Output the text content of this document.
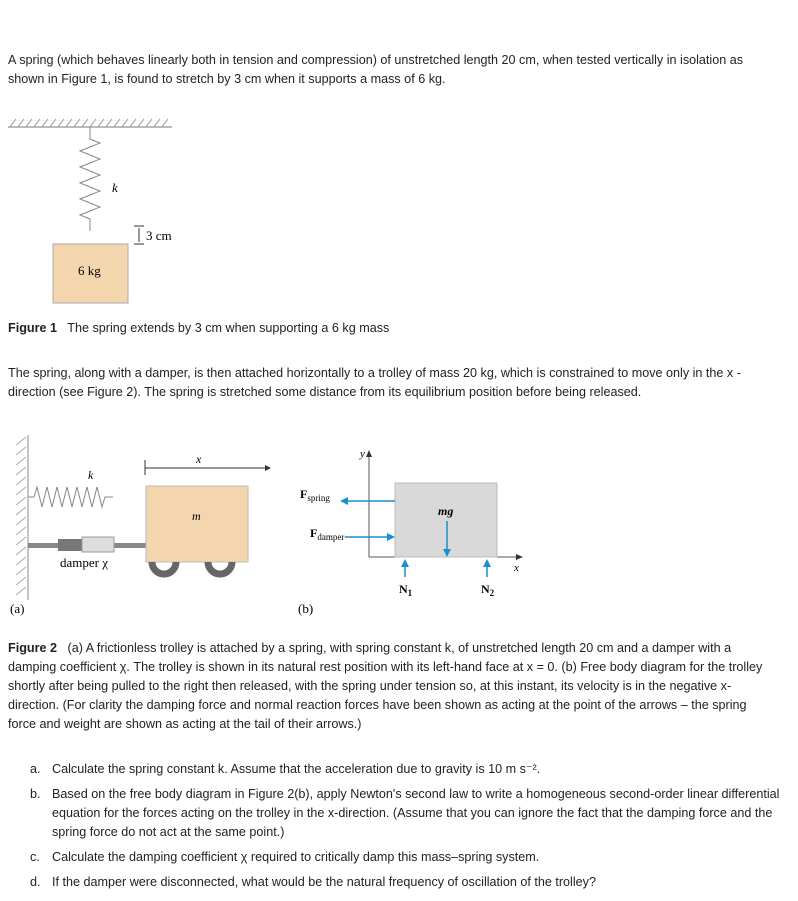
A spring (which behaves linearly both in tension and compression) of unstretched length 20 cm, when tested vertically in isolation as shown in Figure 1, is found to stretch by 3 cm when it supports a mass of 6 kg.
k
3 cm
6 kg
Figure 1 The spring extends by 3 cm when supporting a 6 kg mass
The spring, along with a damper, is then attached horizontally to a trolley of mass 20 kg, which is constrained to move only in the x -direction (see Figure 2). The spring is stretched some distance from its equilibrium position before being released.
k
x
damper χ
m
(a)
y
x
mg
$F_{spring}$
$F_{damper}$
$N_1$	$N_2$
(b)
Figure 2 (a) A frictionless trolley is attached by a spring, with spring constant k, of unstretched length 20 cm and a damper with a damping coefficient χ. The trolley is shown in its natural rest position with its left-hand face at x = 0. (b) Free body diagram for the trolley shortly after being pulled to the right then released, with the spring under tension so, at this instant, its velocity is in the negative x-direction. (For clarity the damping force and normal reaction forces have been shown as acting at the point of the arrows – the spring force and weight are shown as acting at the tail of their arrows.)
a. Calculate the spring constant k. Assume that the acceleration due to gravity is 10 m s⁻².
b. Based on the free body diagram in Figure 2(b), apply Newton's second law to write a homogeneous second-order linear differential equation for the forces acting on the trolley in the x-direction. (Assume that you can ignore the fact that the damping force and the spring force do not act at the same point.)
c. Calculate the damping coefficient χ required to critically damp this mass–spring system.
d. If the damper were disconnected, what would be the natural frequency of oscillation of the trolley?
